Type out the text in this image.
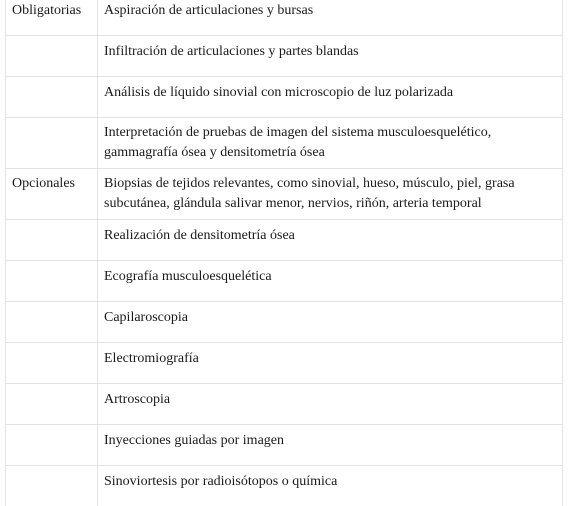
Obligatorias	Aspiración de articulaciones y bursas
	Infiltración de articulaciones y partes blandas
	Análisis de líquido sinovial con microscopio de luz polarizada
	Interpretación de pruebas de imagen del sistema musculoesquelético, gammagrafía ósea y densitometría ósea
Opcionales	Biopsias de tejidos relevantes, como sinovial, hueso, músculo, piel, grasa subcutánea, glándula salivar menor, nervios, riñón, arteria temporal
	Realización de densitometría ósea
	Ecografía musculoesquelética
	Capilaroscopia
	Electromiografía
	Artroscopia
	Inyecciones guiadas por imagen
	Sinoviortesis por radioisótopos o química
